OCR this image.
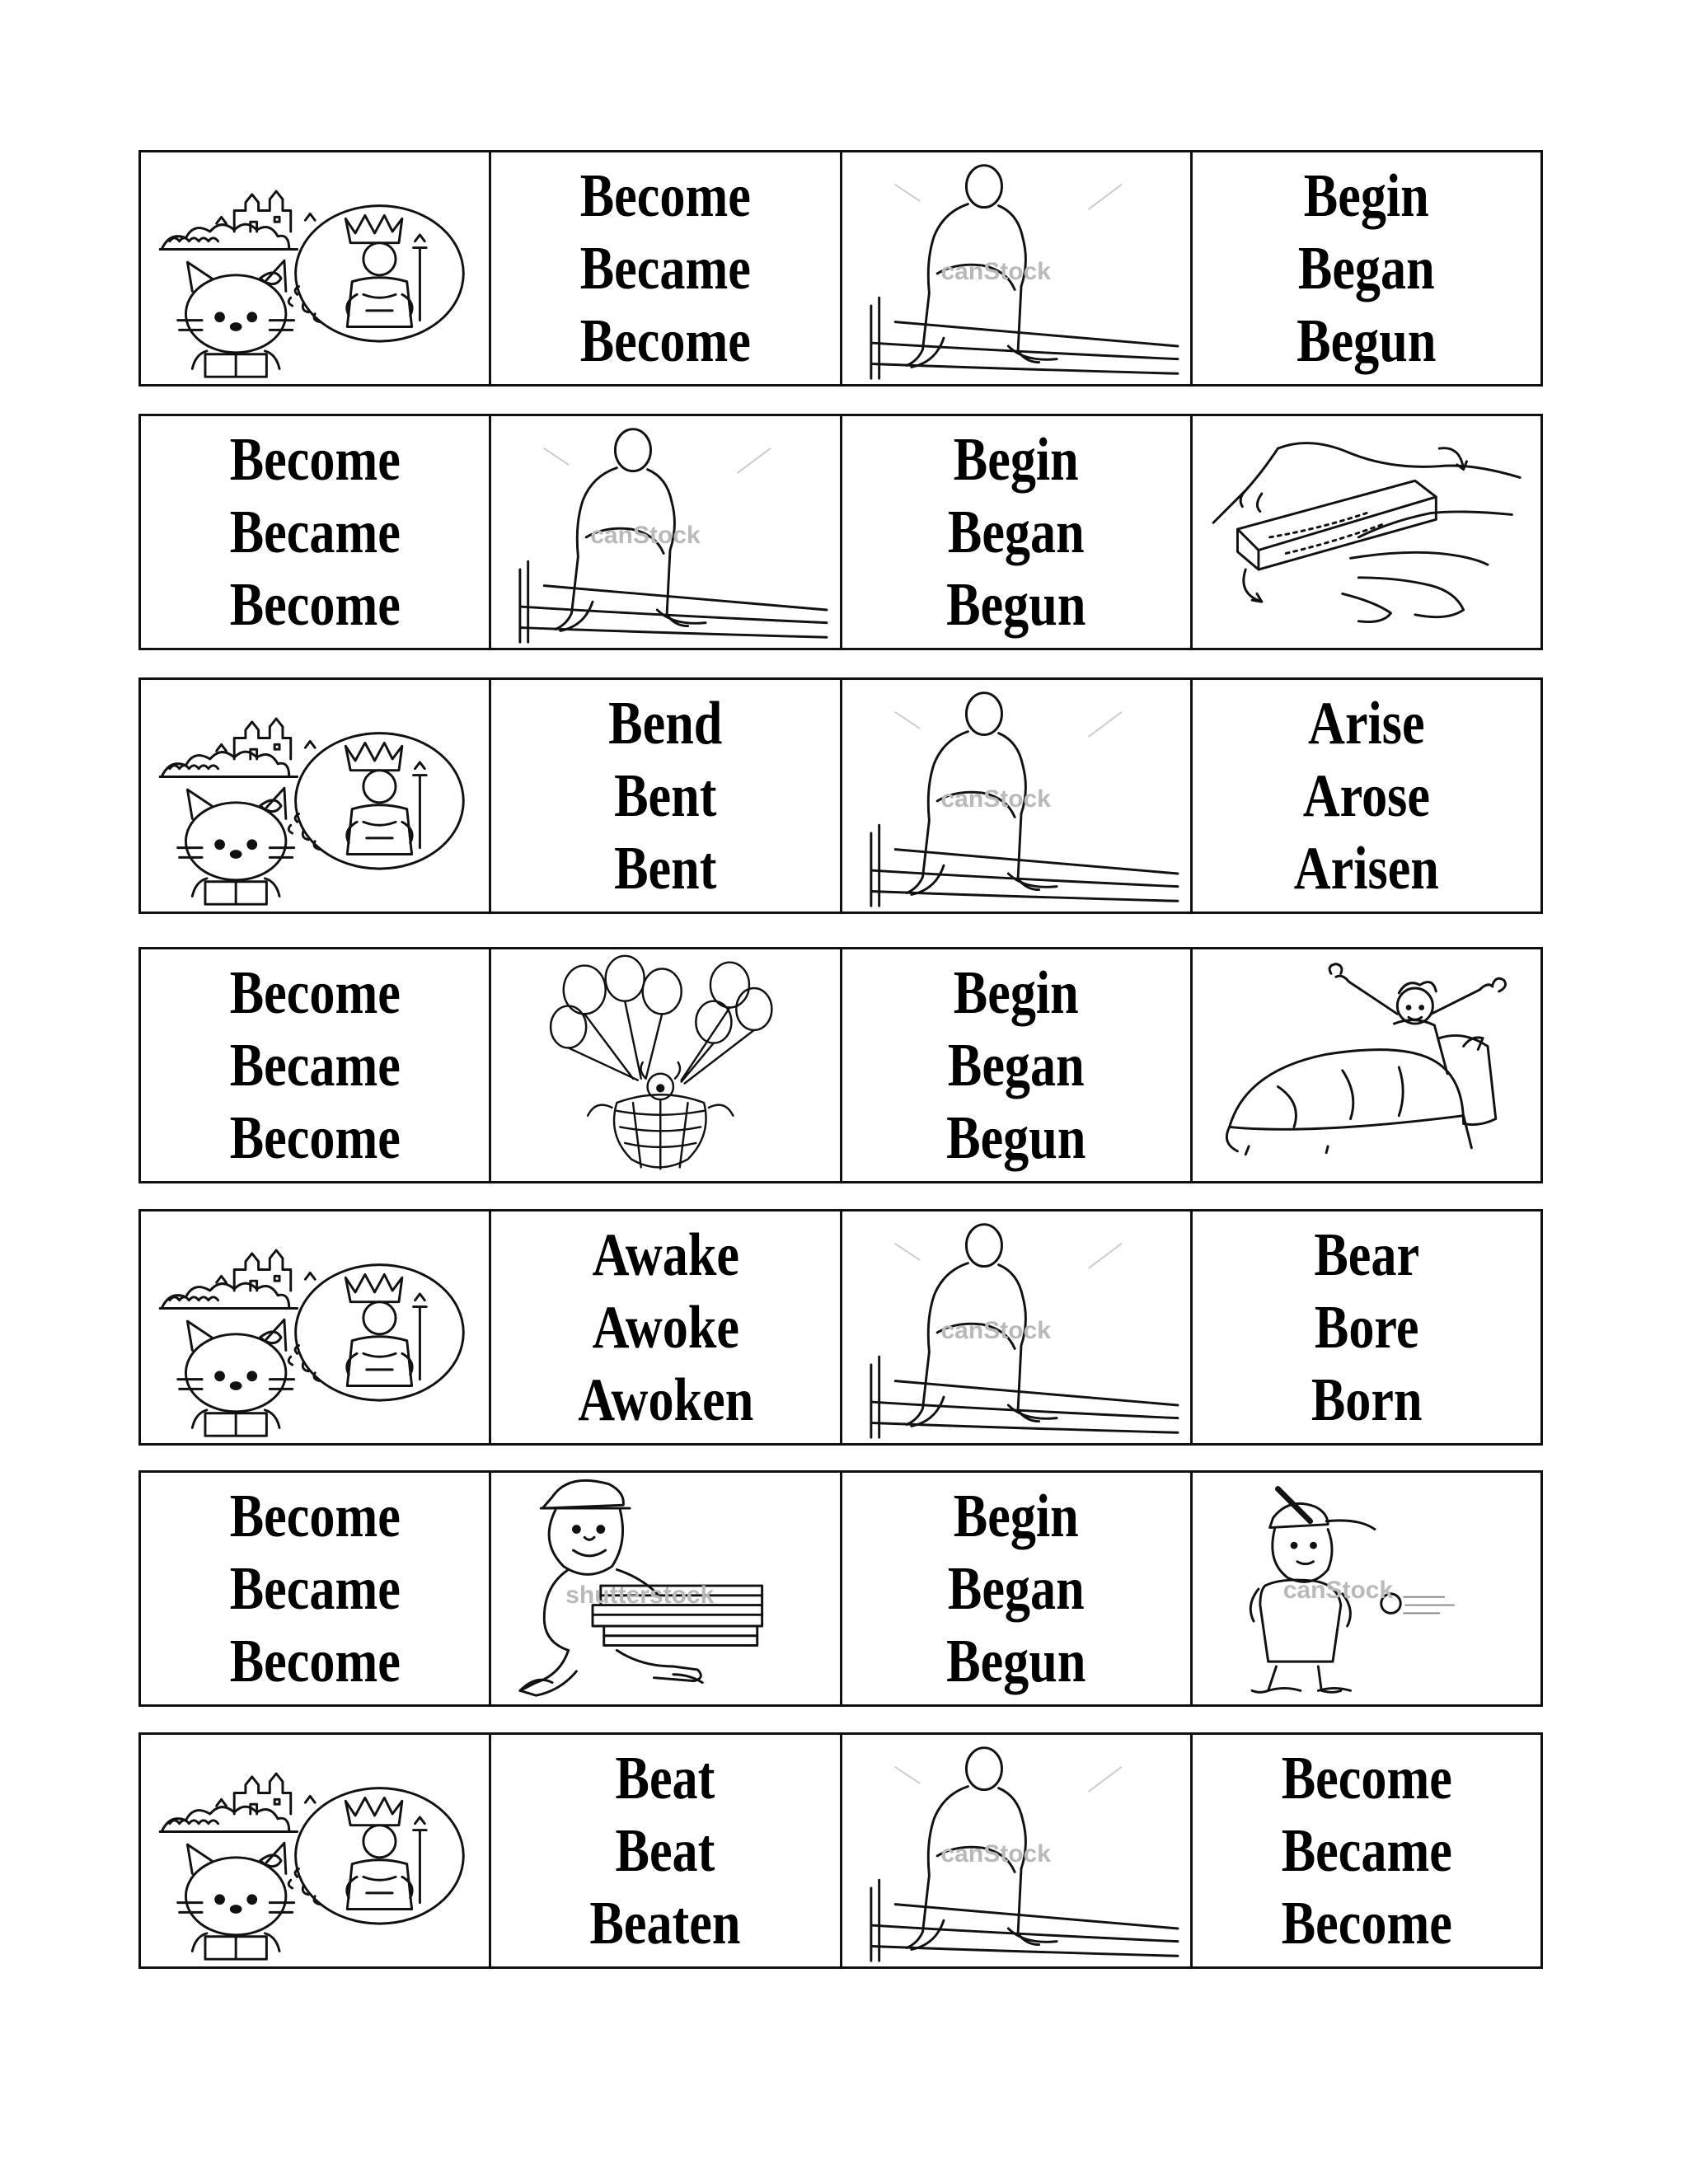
Become
Became
Become
canStock
Begin
Began
Begun
Become
Became
Become
canStock
Begin
Began
Begun
Bend
Bent
Bent
canStock
Arise
Arose
Arisen
Become
Became
Become
Begin
Began
Begun
Awake
Awoke
Awoken
canStock
Bear
Bore
Born
Become
Became
Become
shutterstock
Begin
Began
Begun
canStock
Beat
Beat
Beaten
canStock
Become
Became
Become
